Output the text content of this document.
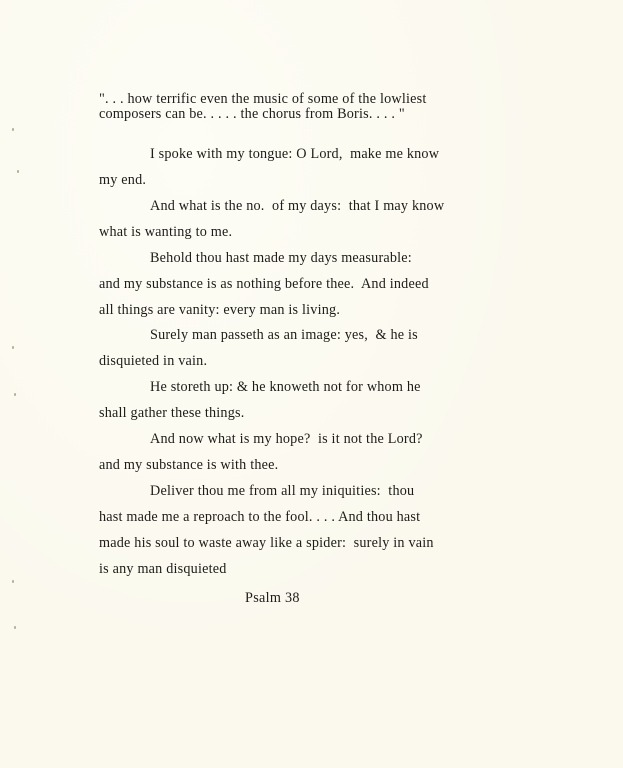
". . . how terrific even the music of some of the lowliest
composers can be. . . . . the chorus from Boris. . . . "
I spoke with my tongue: O Lord,  make me know
my end.
And what is the no.  of my days:  that I may know
what is wanting to me.
Behold thou hast made my days measurable:
and my substance is as nothing before thee.  And indeed
all things are vanity: every man is living.
Surely man passeth as an image: yes,  & he is
disquieted in vain.
He storeth up: & he knoweth not for whom he
shall gather these things.
And now what is my hope?  is it not the Lord?
and my substance is with thee.
Deliver thou me from all my iniquities:  thou
hast made me a reproach to the fool. . . . And thou hast
made his soul to waste away like a spider:  surely in vain
is any man disquieted
Psalm 38
